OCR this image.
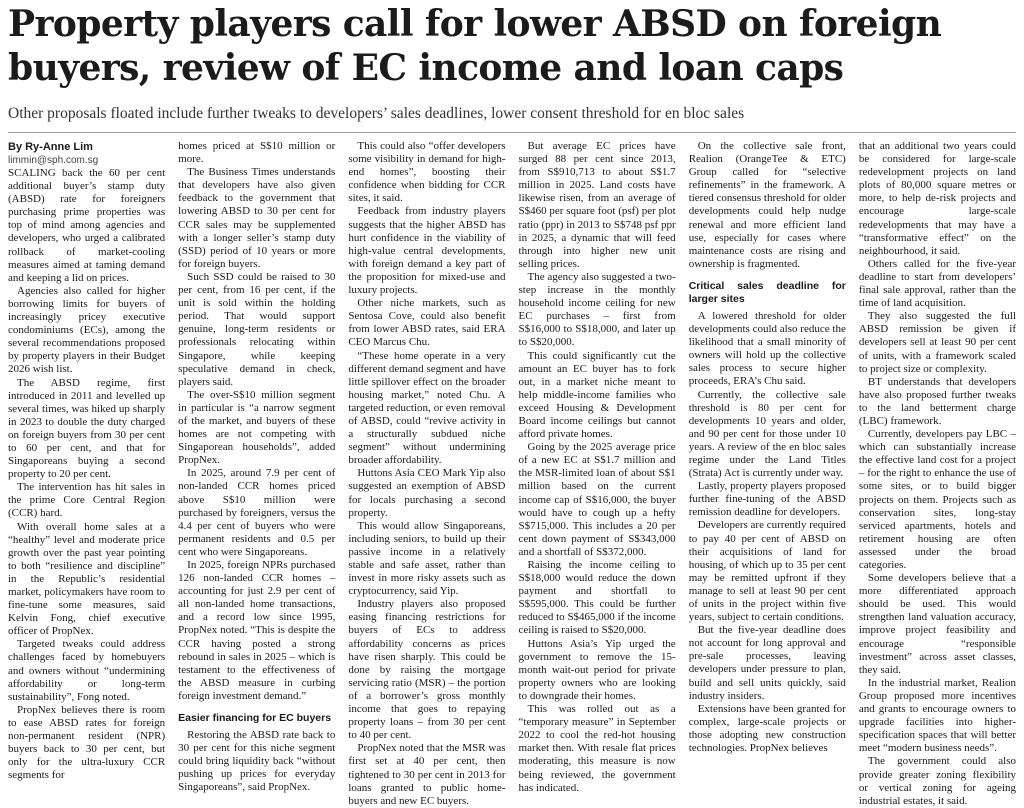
Property players call for lower ABSD on foreign buyers, review of EC income and loan caps
Other proposals floated include further tweaks to developers’ sales deadlines, lower consent threshold for en bloc sales

By Ry-Anne Lim

limmin@sph.com.sg

SCALING back the 60 per cent additional buyer’s stamp duty (ABSD) rate for foreigners purchasing prime properties was top of mind among agencies and developers, who urged a calibrated rollback of market-cooling measures aimed at taming demand and keeping a lid on prices.

Agencies also called for higher borrowing limits for buyers of increasingly pricey executive condominiums (ECs), among the several recommendations proposed by property players in their Budget 2026 wish list.

The ABSD regime, first introduced in 2011 and levelled up several times, was hiked up sharply in 2023 to double the duty charged on foreign buyers from 30 per cent to 60 per cent, and that for Singaporeans buying a second property to 20 per cent.

The intervention has hit sales in the prime Core Central Region (CCR) hard.

With overall home sales at a “healthy” level and moderate price growth over the past year pointing to both “resilience and discipline” in the Republic’s residential market, policymakers have room to fine-tune some measures, said Kelvin Fong, chief executive officer of PropNex.

Targeted tweaks could address challenges faced by homebuyers and owners without “undermining affordability or long-term sustainability”, Fong noted.

PropNex believes there is room to ease ABSD rates for foreign non-permanent resident (NPR) buyers back to 30 per cent, but only for the ultra-luxury CCR segments for

homes priced at S$10 million or more.

The Business Times understands that developers have also given feedback to the government that lowering ABSD to 30 per cent for CCR sales may be supplemented with a longer seller’s stamp duty (SSD) period of 10 years or more for foreign buyers.

Such SSD could be raised to 30 per cent, from 16 per cent, if the unit is sold within the holding period. That would support genuine, long-term residents or professionals relocating within Singapore, while keeping speculative demand in check, players said.

The over-S$10 million segment in particular is “a narrow segment of the market, and buyers of these homes are not competing with Singaporean households”, added PropNex.

In 2025, around 7.9 per cent of non-landed CCR homes priced above S$10 million were purchased by foreigners, versus the 4.4 per cent of buyers who were permanent residents and 0.5 per cent who were Singaporeans.

In 2025, foreign NPRs purchased 126 non-landed CCR homes – accounting for just 2.9 per cent of all non-landed home transactions, and a record low since 1995, PropNex noted. “This is despite the CCR having posted a strong rebound in sales in 2025 – which is testament to the effectiveness of the ABSD measure in curbing foreign investment demand.”

Easier financing for EC buyers

Restoring the ABSD rate back to 30 per cent for this niche segment could bring liquidity back “without pushing up prices for everyday Singaporeans”, said PropNex.

This could also “offer developers some visibility in demand for high-end homes”, boosting their confidence when bidding for CCR sites, it said.

Feedback from industry players suggests that the higher ABSD has hurt confidence in the viability of high-value central developments, with foreign demand a key part of the proposition for mixed-use and luxury projects.

Other niche markets, such as Sentosa Cove, could also benefit from lower ABSD rates, said ERA CEO Marcus Chu.

“These home operate in a very different demand segment and have little spillover effect on the broader housing market,” noted Chu. A targeted reduction, or even removal of ABSD, could “revive activity in a structurally subdued niche segment” without undermining broader affordability.

Huttons Asia CEO Mark Yip also suggested an exemption of ABSD for locals purchasing a second property.

This would allow Singaporeans, including seniors, to build up their passive income in a relatively stable and safe asset, rather than invest in more risky assets such as cryptocurrency, said Yip.

Industry players also proposed easing financing restrictions for buyers of ECs to address affordability concerns as prices have risen sharply. This could be done by raising the mortgage servicing ratio (MSR) – the portion of a borrower’s gross monthly income that goes to repaying property loans – from 30 per cent to 40 per cent.

PropNex noted that the MSR was first set at 40 per cent, then tightened to 30 per cent in 2013 for loans granted to public home-buyers and new EC buyers.

But average EC prices have surged 88 per cent since 2013, from S$910,713 to about S$1.7 million in 2025. Land costs have likewise risen, from an average of S$460 per square foot (psf) per plot ratio (ppr) in 2013 to S$748 psf ppr in 2025, a dynamic that will feed through into higher new unit selling prices.

The agency also suggested a two-step increase in the monthly household income ceiling for new EC purchases – first from S$16,000 to S$18,000, and later up to S$20,000.

This could significantly cut the amount an EC buyer has to fork out, in a market niche meant to help middle-income families who exceed Housing & Development Board income ceilings but cannot afford private homes.

Going by the 2025 average price of a new EC at S$1.7 million and the MSR-limited loan of about S$1 million based on the current income cap of S$16,000, the buyer would have to cough up a hefty S$715,000. This includes a 20 per cent down payment of S$343,000 and a shortfall of S$372,000.

Raising the income ceiling to S$18,000 would reduce the down payment and shortfall to S$595,000. This could be further reduced to S$465,000 if the income ceiling is raised to S$20,000.

Huttons Asia’s Yip urged the government to remove the 15-month wait-out period for private property owners who are looking to downgrade their homes.

This was rolled out as a “temporary measure” in September 2022 to cool the red-hot housing market then. With resale flat prices moderating, this measure is now being reviewed, the government has indicated.

On the collective sale front, Realion (OrangeTee & ETC) Group called for “selective refinements” in the framework. A tiered consensus threshold for older developments could help nudge renewal and more efficient land use, especially for cases where maintenance costs are rising and ownership is fragmented.

Critical sales deadline for larger sites

A lowered threshold for older developments could also reduce the likelihood that a small minority of owners will hold up the collective sales process to secure higher proceeds, ERA’s Chu said.

Currently, the collective sale threshold is 80 per cent for developments 10 years and older, and 90 per cent for those under 10 years. A review of the en bloc sales regime under the Land Titles (Strata) Act is currently under way.

Lastly, property players proposed further fine-tuning of the ABSD remission deadline for developers.

Developers are currently required to pay 40 per cent of ABSD on their acquisitions of land for housing, of which up to 35 per cent may be remitted upfront if they manage to sell at least 90 per cent of units in the project within five years, subject to certain conditions.

But the five-year deadline does not account for long approval and pre-sale processes, leaving developers under pressure to plan, build and sell units quickly, said industry insiders.

Extensions have been granted for complex, large-scale projects or those adopting new construction technologies. PropNex believes

that an additional two years could be considered for large-scale redevelopment projects on land plots of 80,000 square metres or more, to help de-risk projects and encourage large-scale redevelopments that may have a “transformative effect” on the neighbourhood, it said.

Others called for the five-year deadline to start from developers’ final sale approval, rather than the time of land acquisition.

They also suggested the full ABSD remission be given if developers sell at least 90 per cent of units, with a framework scaled to project size or complexity.

BT understands that developers have also proposed further tweaks to the land betterment charge (LBC) framework.

Currently, developers pay LBC – which can substantially increase the effective land cost for a project – for the right to enhance the use of some sites, or to build bigger projects on them. Projects such as conservation sites, long-stay serviced apartments, hotels and retirement housing are often assessed under the broad categories.

Some developers believe that a more differentiated approach should be used. This would strengthen land valuation accuracy, improve project feasibility and encourage “responsible investment” across asset classes, they said.

In the industrial market, Realion Group proposed more incentives and grants to encourage owners to upgrade facilities into higher-specification spaces that will better meet “modern business needs”.

The government could also provide greater zoning flexibility or vertical zoning for ageing industrial estates, it said.
